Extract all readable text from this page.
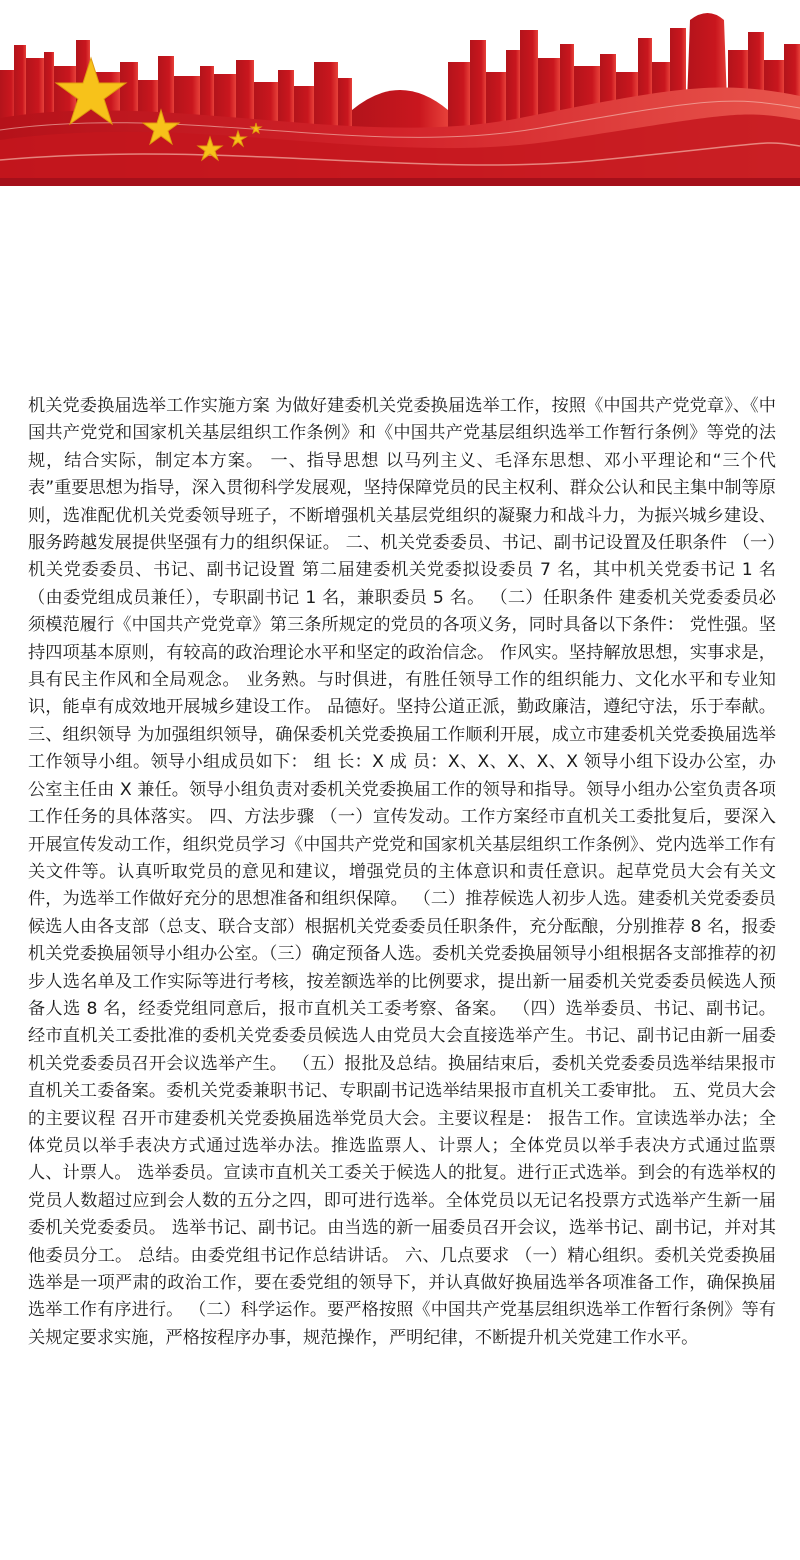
机关党委换届选举工作实施方案 为做好建委机关党委换届选举工作，按照《中国共产党党章》、《中国共产党党和国家机关基层组织工作条例》和《中国共产党基层组织选举工作暂行条例》等党的法规，结合实际，制定本方案。 一、指导思想 以马列主义、毛泽东思想、邓小平理论和“三个代表”重要思想为指导，深入贯彻科学发展观，坚持保障党员的民主权利、群众公认和民主集中制等原则，选准配优机关党委领导班子，不断增强机关基层党组织的凝聚力和战斗力，为振兴城乡建设、服务跨越发展提供坚强有力的组织保证。 二、机关党委委员、书记、副书记设置及任职条件 （一）机关党委委员、书记、副书记设置 第二届建委机关党委拟设委员 7 名，其中机关党委书记 1 名（由委党组成员兼任），专职副书记 1 名，兼职委员 5 名。 （二）任职条件 建委机关党委委员必须模范履行《中国共产党党章》第三条所规定的党员的各项义务，同时具备以下条件： 党性强。坚持四项基本原则，有较高的政治理论水平和坚定的政治信念。 作风实。坚持解放思想，实事求是，具有民主作风和全局观念。 业务熟。与时俱进，有胜任领导工作的组织能力、文化水平和专业知识，能卓有成效地开展城乡建设工作。 品德好。坚持公道正派，勤政廉洁，遵纪守法，乐于奉献。 三、组织领导 为加强组织领导，确保委机关党委换届工作顺利开展，成立市建委机关党委换届选举工作领导小组。领导小组成员如下： 组 长：X 成 员：X、X、X、X、X 领导小组下设办公室，办公室主任由 X 兼任。领导小组负责对委机关党委换届工作的领导和指导。领导小组办公室负责各项工作任务的具体落实。 四、方法步骤 （一）宣传发动。工作方案经市直机关工委批复后，要深入开展宣传发动工作，组织党员学习《中国共产党党和国家机关基层组织工作条例》、党内选举工作有关文件等。认真听取党员的意见和建议，增强党员的主体意识和责任意识。起草党员大会有关文件，为选举工作做好充分的思想准备和组织保障。 （二）推荐候选人初步人选。建委机关党委委员候选人由各支部（总支、联合支部）根据机关党委委员任职条件，充分酝酿，分别推荐 8 名，报委机关党委换届领导小组办公室。（三）确定预备人选。委机关党委换届领导小组根据各支部推荐的初步人选名单及工作实际等进行考核，按差额选举的比例要求，提出新一届委机关党委委员候选人预备人选 8 名，经委党组同意后，报市直机关工委考察、备案。 （四）选举委员、书记、副书记。经市直机关工委批准的委机关党委委员候选人由党员大会直接选举产生。书记、副书记由新一届委机关党委委员召开会议选举产生。 （五）报批及总结。换届结束后，委机关党委委员选举结果报市直机关工委备案。委机关党委兼职书记、专职副书记选举结果报市直机关工委审批。 五、党员大会的主要议程 召开市建委机关党委换届选举党员大会。主要议程是： 报告工作。宣读选举办法；全体党员以举手表决方式通过选举办法。推选监票人、计票人；全体党员以举手表决方式通过监票人、计票人。 选举委员。宣读市直机关工委关于候选人的批复。进行正式选举。到会的有选举权的党员人数超过应到会人数的五分之四，即可进行选举。全体党员以无记名投票方式选举产生新一届委机关党委委员。 选举书记、副书记。由当选的新一届委员召开会议，选举书记、副书记，并对其他委员分工。 总结。由委党组书记作总结讲话。 六、几点要求 （一）精心组织。委机关党委换届选举是一项严肃的政治工作，要在委党组的领导下，并认真做好换届选举各项准备工作，确保换届选举工作有序进行。 （二）科学运作。要严格按照《中国共产党基层组织选举工作暂行条例》等有关规定要求实施，严格按程序办事，规范操作，严明纪律，不断提升机关党建工作水平。
